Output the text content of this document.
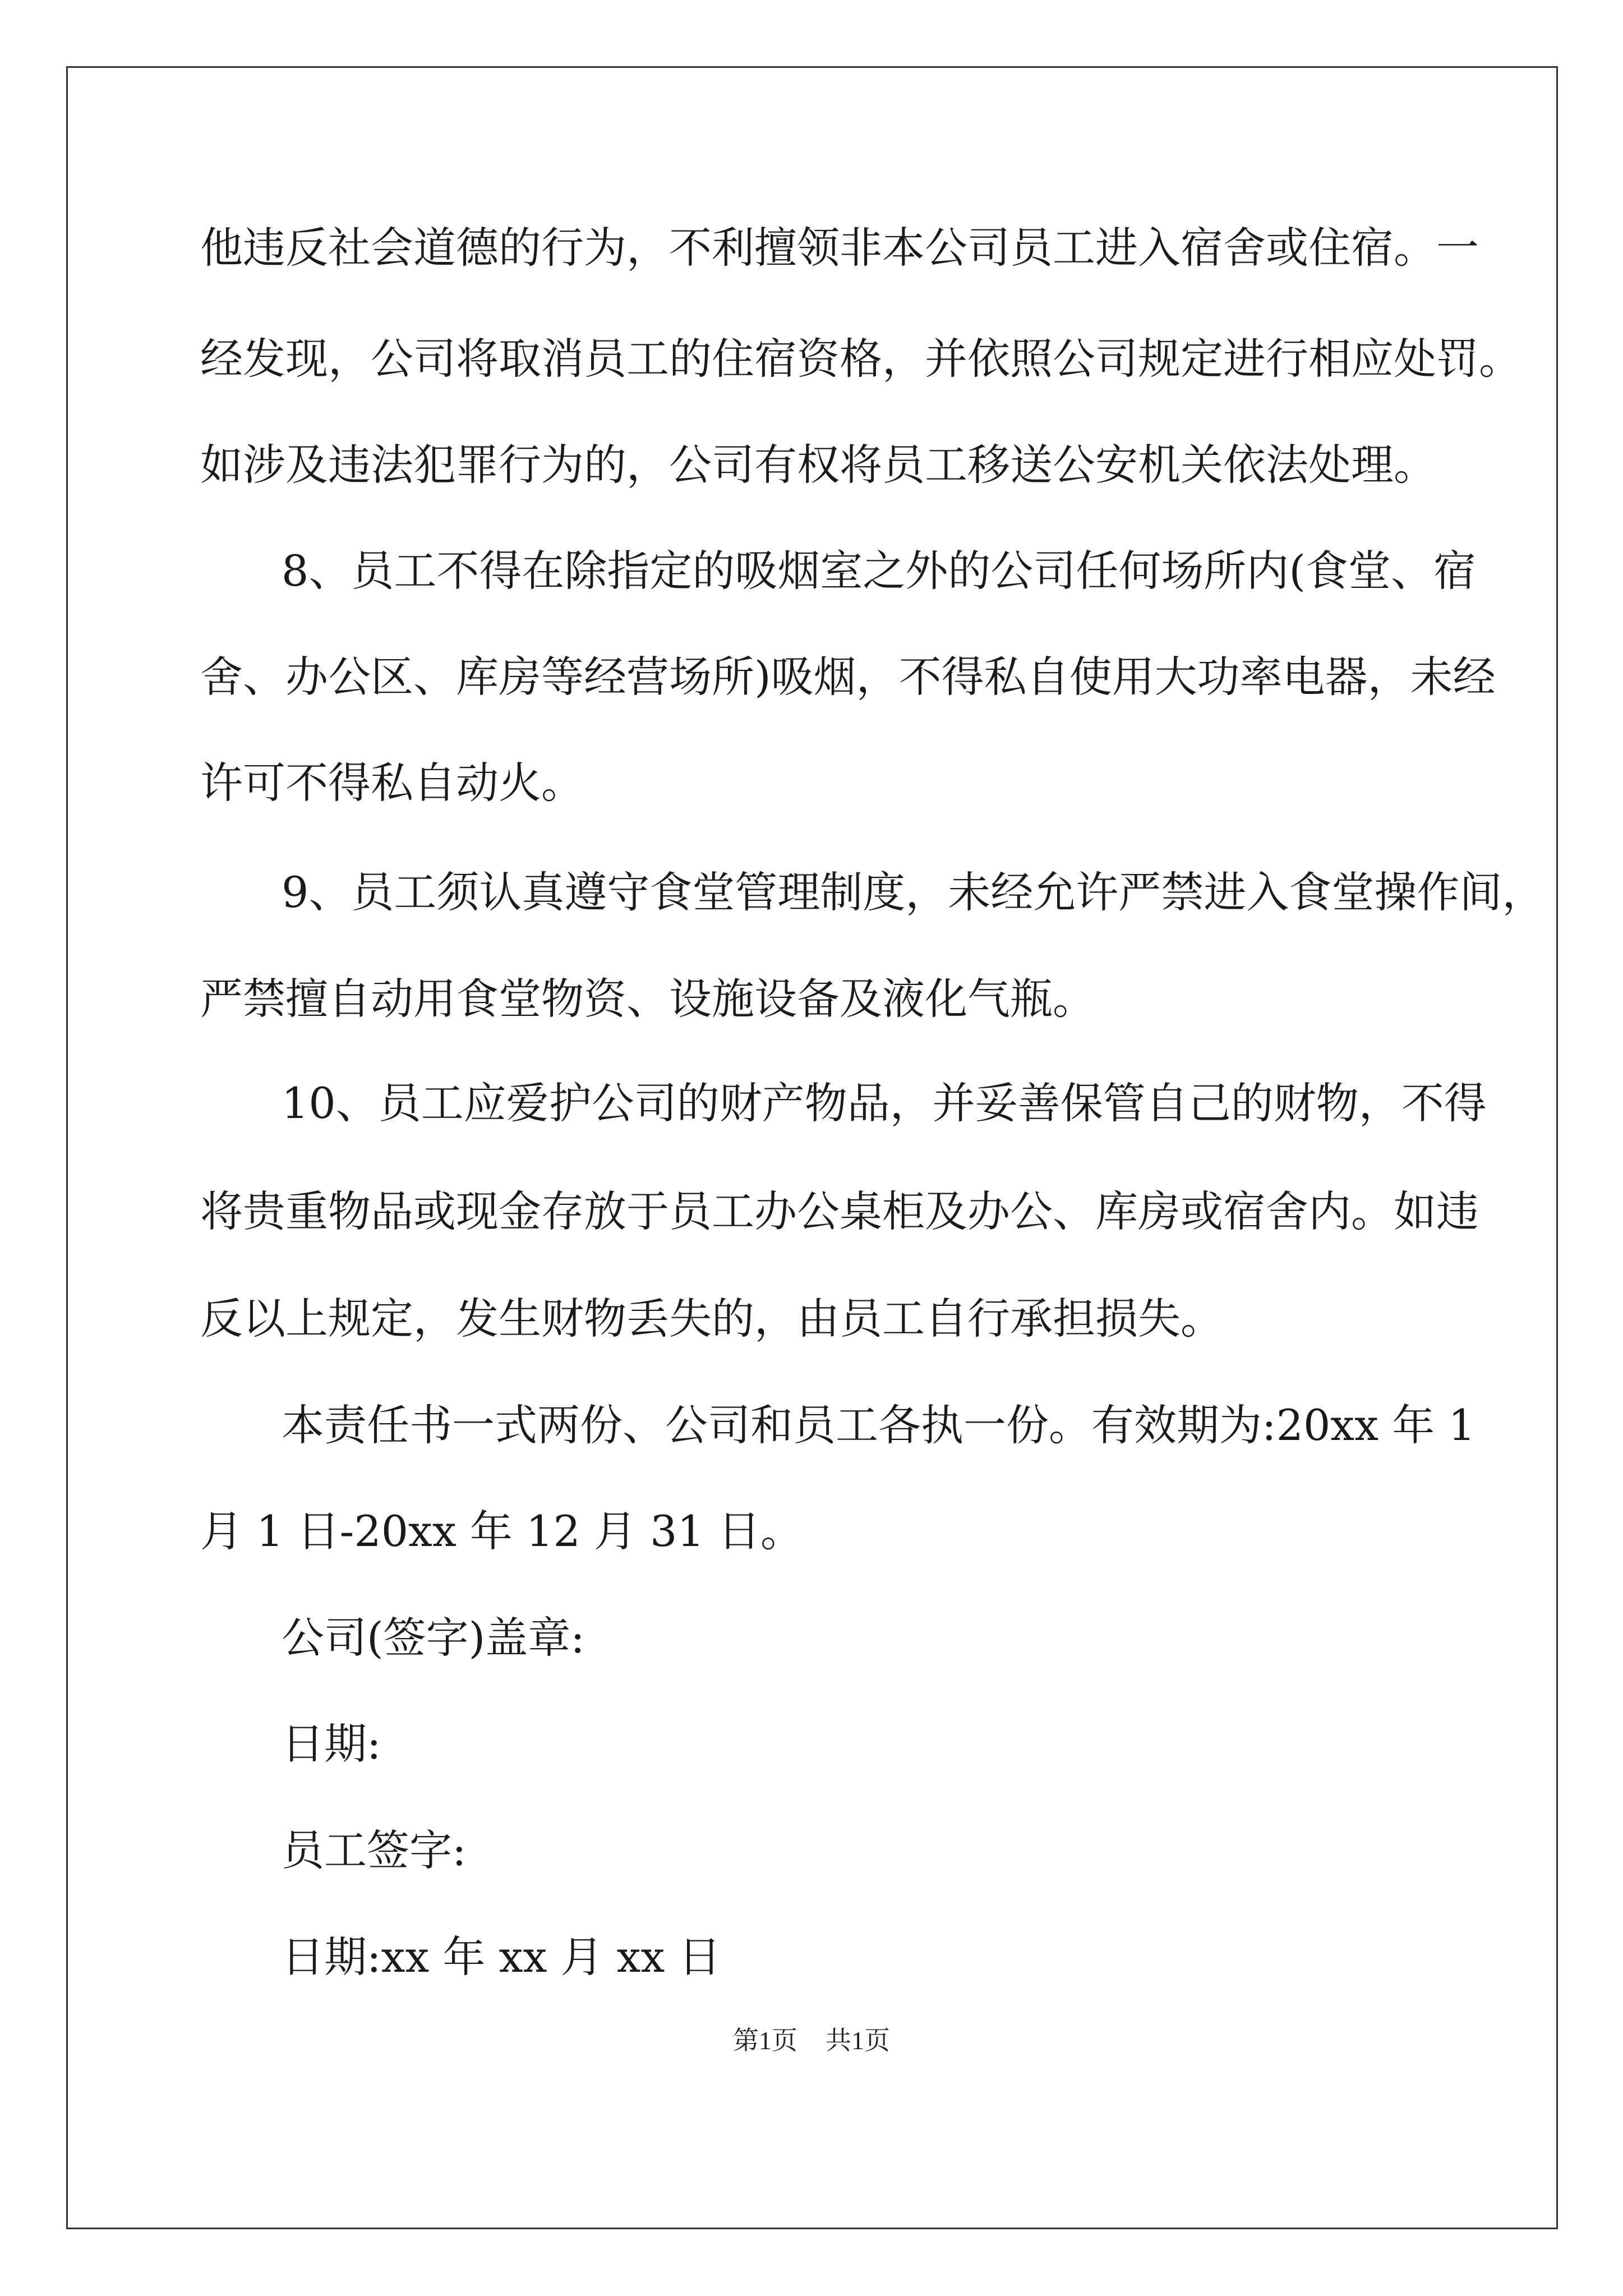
他违反社会道德的行为，不利擅领非本公司员工进入宿舍或住宿。一
经发现，公司将取消员工的住宿资格，并依照公司规定进行相应处罚。
如涉及违法犯罪行为的，公司有权将员工移送公安机关依法处理。
8、员工不得在除指定的吸烟室之外的公司任何场所内(食堂、宿
舍、办公区、库房等经营场所)吸烟，不得私自使用大功率电器，未经
许可不得私自动火。
9、员工须认真遵守食堂管理制度，未经允许严禁进入食堂操作间，
严禁擅自动用食堂物资、设施设备及液化气瓶。
10、员工应爱护公司的财产物品，并妥善保管自己的财物，不得
将贵重物品或现金存放于员工办公桌柜及办公、库房或宿舍内。如违
反以上规定，发生财物丢失的，由员工自行承担损失。
本责任书一式两份、公司和员工各执一份。有效期为:20xx 年 1
月 1 日-20xx 年 12 月 31 日。
公司(签字)盖章:
日期:
员工签字:
日期:xx 年 xx 月 xx 日
第1页 共1页
